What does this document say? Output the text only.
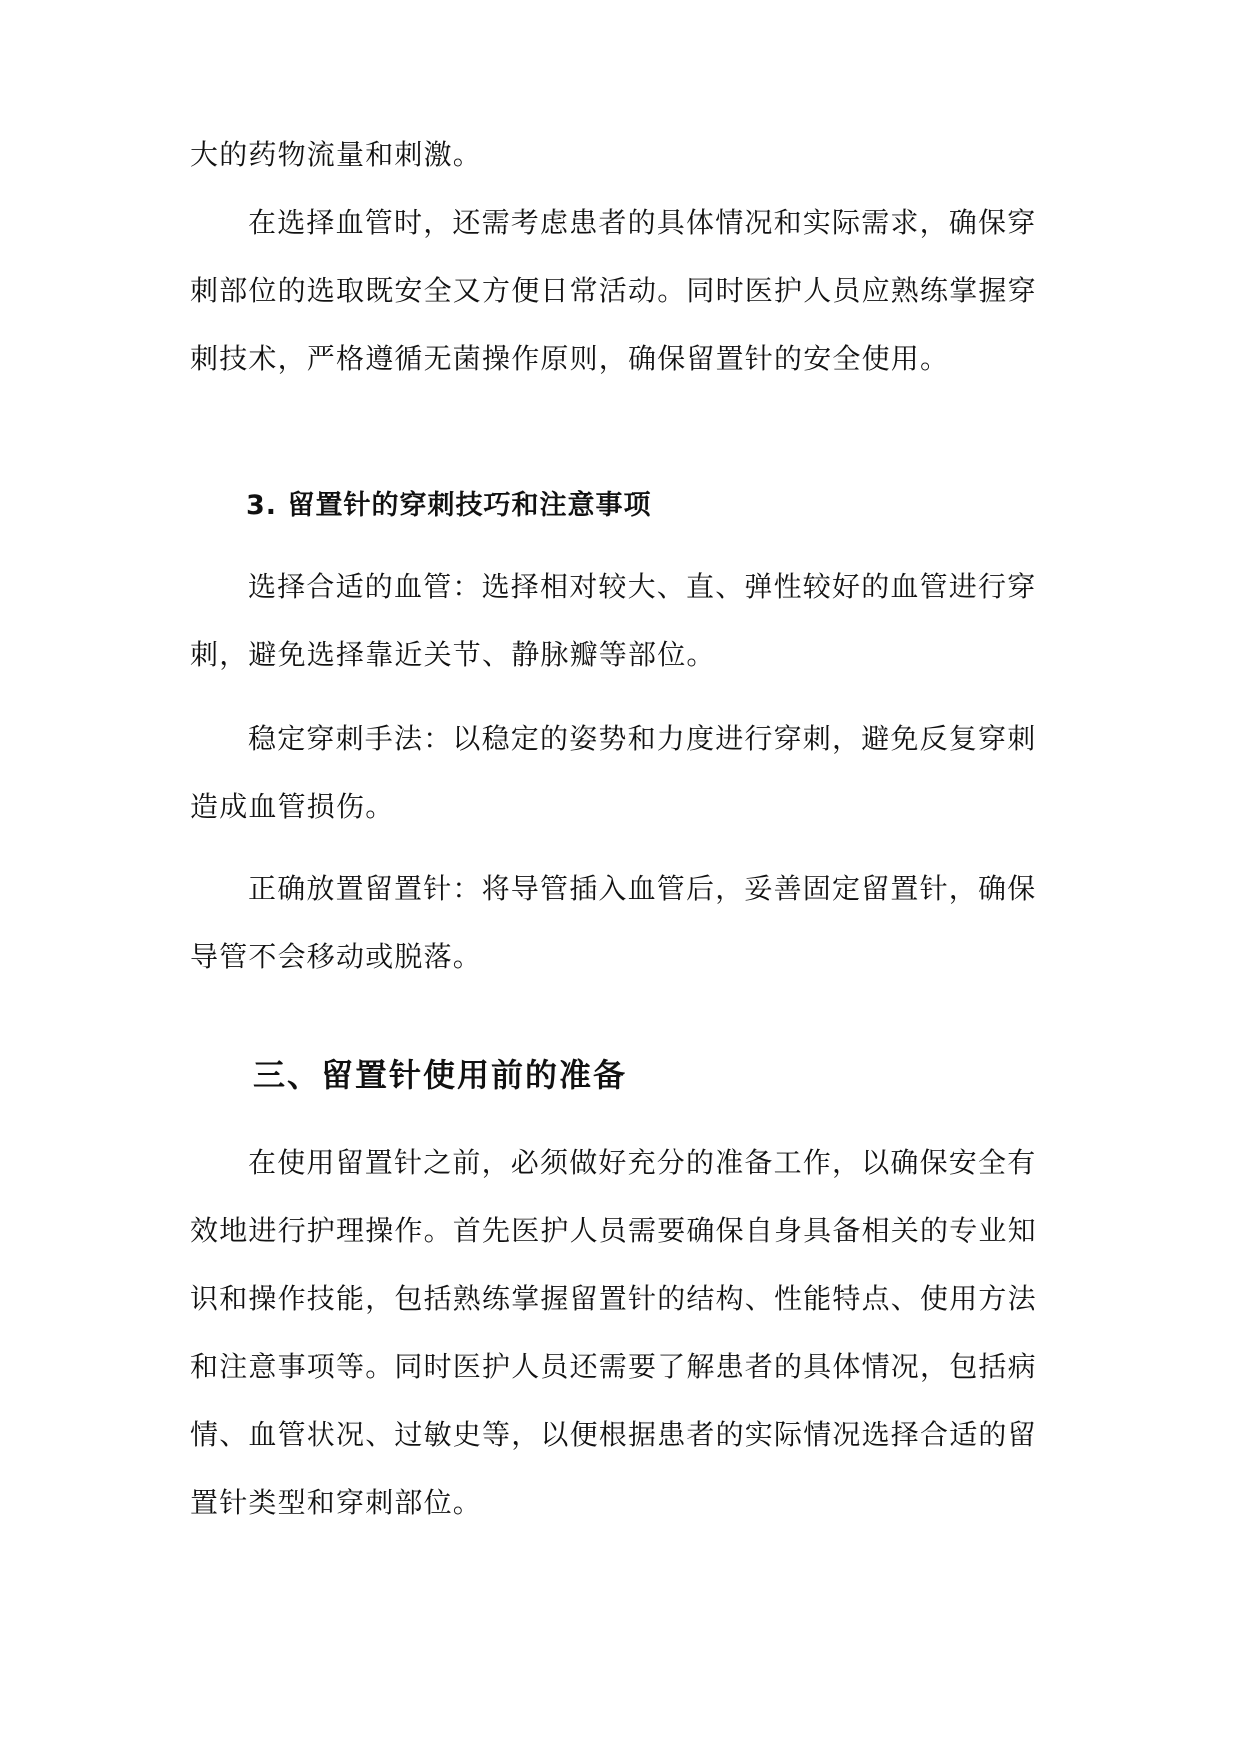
大的药物流量和刺激。

在选择血管时，还需考虑患者的具体情况和实际需求，确保穿刺部位的选取既安全又方便日常活动。同时医护人员应熟练掌握穿刺技术，严格遵循无菌操作原则，确保留置针的安全使用。

3. 留置针的穿刺技巧和注意事项

选择合适的血管：选择相对较大、直、弹性较好的血管进行穿刺，避免选择靠近关节、静脉瓣等部位。

稳定穿刺手法：以稳定的姿势和力度进行穿刺，避免反复穿刺造成血管损伤。

正确放置留置针：将导管插入血管后，妥善固定留置针，确保导管不会移动或脱落。

三、留置针使用前的准备

在使用留置针之前，必须做好充分的准备工作，以确保安全有效地进行护理操作。首先医护人员需要确保自身具备相关的专业知识和操作技能，包括熟练掌握留置针的结构、性能特点、使用方法和注意事项等。同时医护人员还需要了解患者的具体情况，包括病情、血管状况、过敏史等，以便根据患者的实际情况选择合适的留置针类型和穿刺部位。
